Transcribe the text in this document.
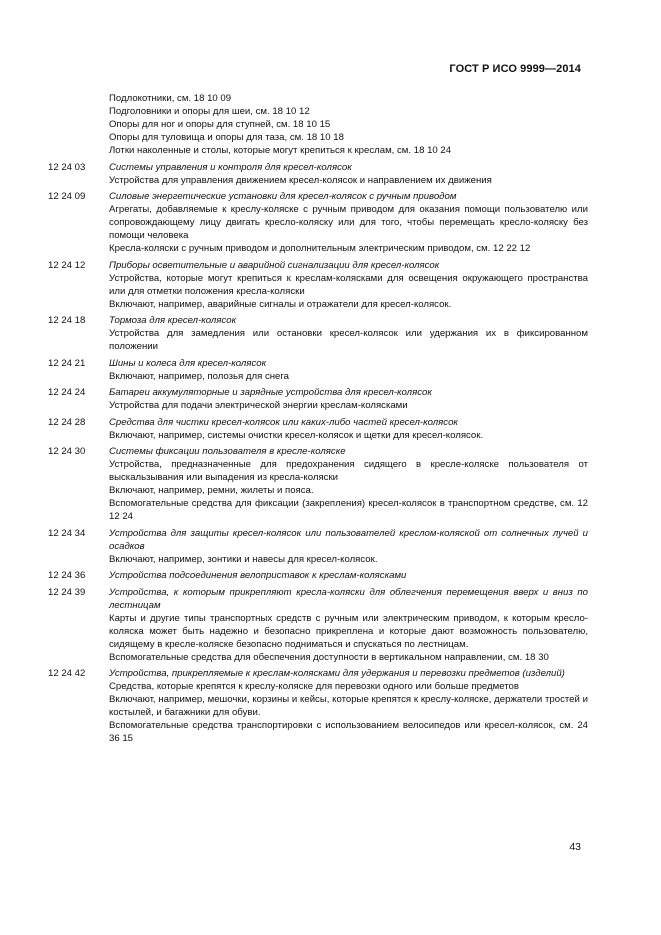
ГОСТ Р ИСО 9999—2014
Подлокотники, см. 18 10 09
Подголовники и опоры для шеи, см. 18 10 12
Опоры для ног и опоры для ступней, см. 18 10 15
Опоры для туловища и опоры для таза, см. 18 10 18
Лотки наколенные и столы, которые могут крепиться к креслам, см. 18 10 24
12 24 03	Системы управления и контроля для кресел-колясок
Устройства для управления движением кресел-колясок и направлением их движения
12 24 09	Силовые энергетические установки для кресел-колясок с ручным приводом
Агрегаты, добавляемые к креслу-коляске с ручным приводом для оказания помощи пользователю или сопровождающему лицу двигать кресло-коляску или для того, чтобы перемещать кресло-коляску без помощи человека
Кресла-коляски с ручным приводом и дополнительным электрическим приводом, см. 12 22 12
12 24 12	Приборы осветительные и аварийной сигнализации для кресел-колясок
Устройства, которые могут крепиться к креслам-колясками для освещения окружающего пространства или для отметки положения кресла-коляски
Включают, например, аварийные сигналы и отражатели для кресел-колясок.
12 24 18	Тормоза для кресел-колясок
Устройства для замедления или остановки кресел-колясок или удержания их в фиксированном положении
12 24 21	Шины и колеса для кресел-колясок
Включают, например, полозья для снега
12 24 24	Батареи аккумуляторные и зарядные устройства для кресел-колясок
Устройства для подачи электрической энергии креслам-колясками
12 24 28	Средства для чистки кресел-колясок или каких-либо частей кресел-колясок
Включают, например, системы очистки кресел-колясок и щетки для кресел-колясок.
12 24 30	Системы фиксации пользователя в кресле-коляске
Устройства, предназначенные для предохранения сидящего в кресле-коляске пользователя от выскальзывания или выпадения из кресла-коляски
Включают, например, ремни, жилеты и пояса.
Вспомогательные средства для фиксации (закрепления) кресел-колясок в транспортном средстве, см. 12 12 24
12 24 34	Устройства для защиты кресел-колясок или пользователей креслом-коляской от солнечных лучей и осадков
Включают, например, зонтики и навесы для кресел-колясок.
12 24 36	Устройства подсоединения велоприставок к креслам-колясками
12 24 39	Устройства, к которым прикрепляют кресла-коляски для облегчения перемещения вверх и вниз по лестницам
Карты и другие типы транспортных средств с ручным или электрическим приводом, к которым кресло-коляска может быть надежно и безопасно прикреплена и которые дают возможность пользователю, сидящему в кресле-коляске безопасно подниматься и спускаться по лестницам.
Вспомогательные средства для обеспечения доступности в вертикальном направлении, см. 18 30
12 24 42	Устройства, прикрепляемые к креслам-колясками для удержания и перевозки предметов (изделий)
Средства, которые крепятся к креслу-коляске для перевозки одного или больше предметов
Включают, например, мешочки, корзины и кейсы, которые крепятся к креслу-коляске, держатели тростей и костылей, и багажники для обуви.
Вспомогательные средства транспортировки с использованием велосипедов или кресел-колясок, см. 24 36 15
43
